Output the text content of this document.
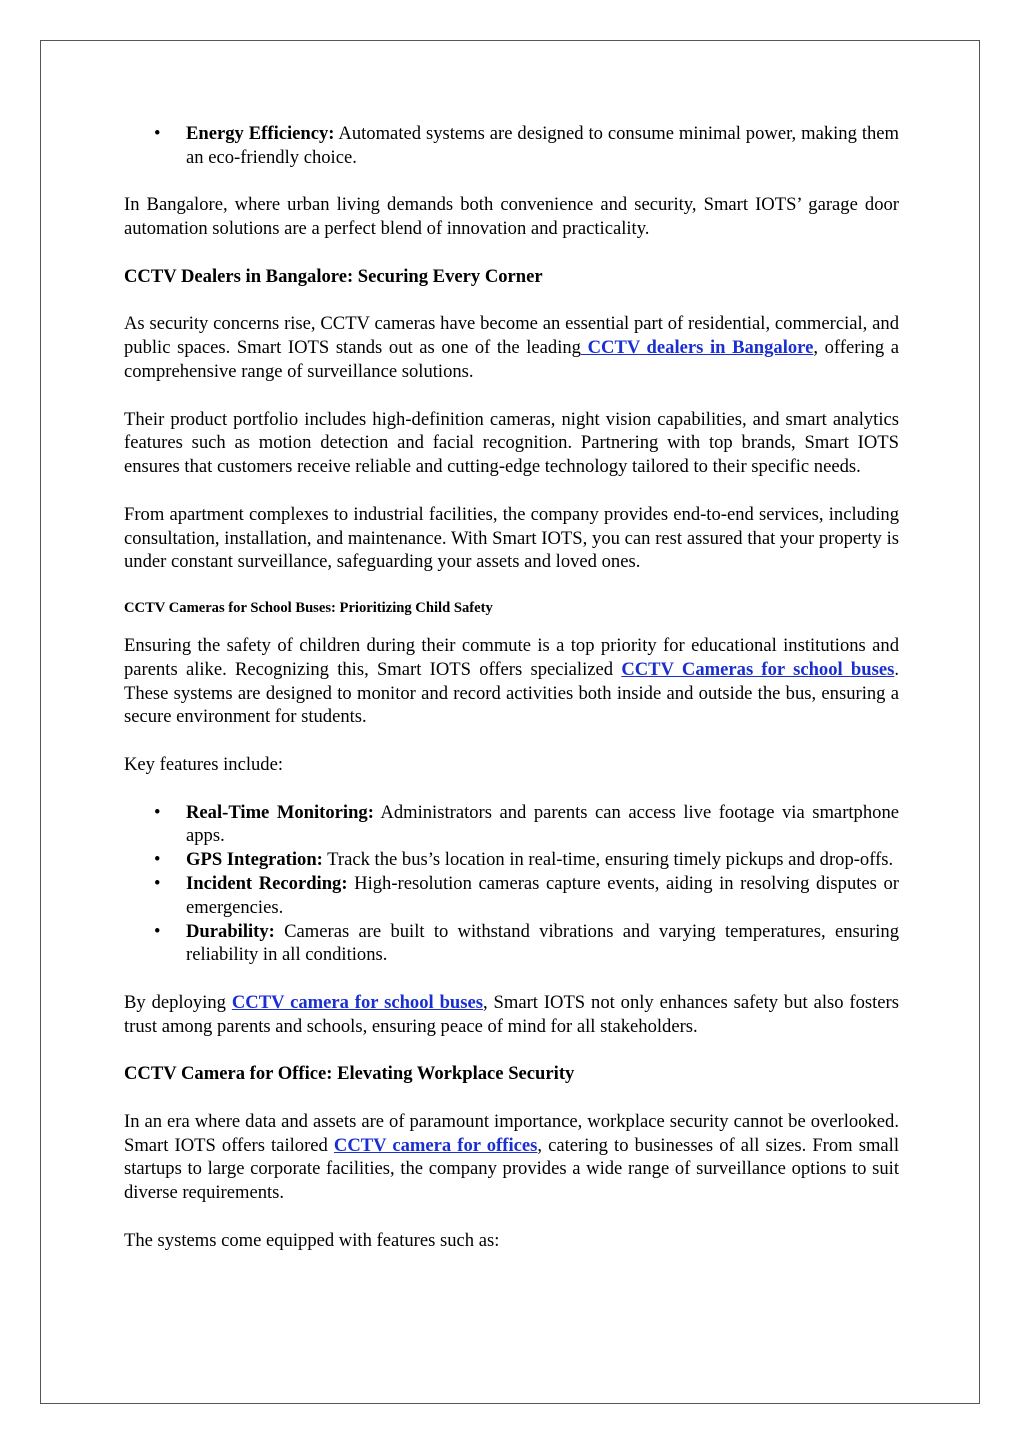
• Energy Efficiency: Automated systems are designed to consume minimal power, making them an eco-friendly choice.

In Bangalore, where urban living demands both convenience and security, Smart IOTS’ garage door automation solutions are a perfect blend of innovation and practicality.

CCTV Dealers in Bangalore: Securing Every Corner

As security concerns rise, CCTV cameras have become an essential part of residential, commercial, and public spaces. Smart IOTS stands out as one of the leading CCTV dealers in Bangalore, offering a comprehensive range of surveillance solutions.

Their product portfolio includes high-definition cameras, night vision capabilities, and smart analytics features such as motion detection and facial recognition. Partnering with top brands, Smart IOTS ensures that customers receive reliable and cutting-edge technology tailored to their specific needs.

From apartment complexes to industrial facilities, the company provides end-to-end services, including consultation, installation, and maintenance. With Smart IOTS, you can rest assured that your property is under constant surveillance, safeguarding your assets and loved ones.

CCTV Cameras for School Buses: Prioritizing Child Safety

Ensuring the safety of children during their commute is a top priority for educational institutions and parents alike. Recognizing this, Smart IOTS offers specialized CCTV Cameras for school buses. These systems are designed to monitor and record activities both inside and outside the bus, ensuring a secure environment for students.

Key features include:

• Real-Time Monitoring: Administrators and parents can access live footage via smartphone apps.
• GPS Integration: Track the bus’s location in real-time, ensuring timely pickups and drop-offs.
• Incident Recording: High-resolution cameras capture events, aiding in resolving disputes or emergencies.
• Durability: Cameras are built to withstand vibrations and varying temperatures, ensuring reliability in all conditions.

By deploying CCTV camera for school buses, Smart IOTS not only enhances safety but also fosters trust among parents and schools, ensuring peace of mind for all stakeholders.

CCTV Camera for Office: Elevating Workplace Security

In an era where data and assets are of paramount importance, workplace security cannot be overlooked. Smart IOTS offers tailored CCTV camera for offices, catering to businesses of all sizes. From small startups to large corporate facilities, the company provides a wide range of surveillance options to suit diverse requirements.

The systems come equipped with features such as:
